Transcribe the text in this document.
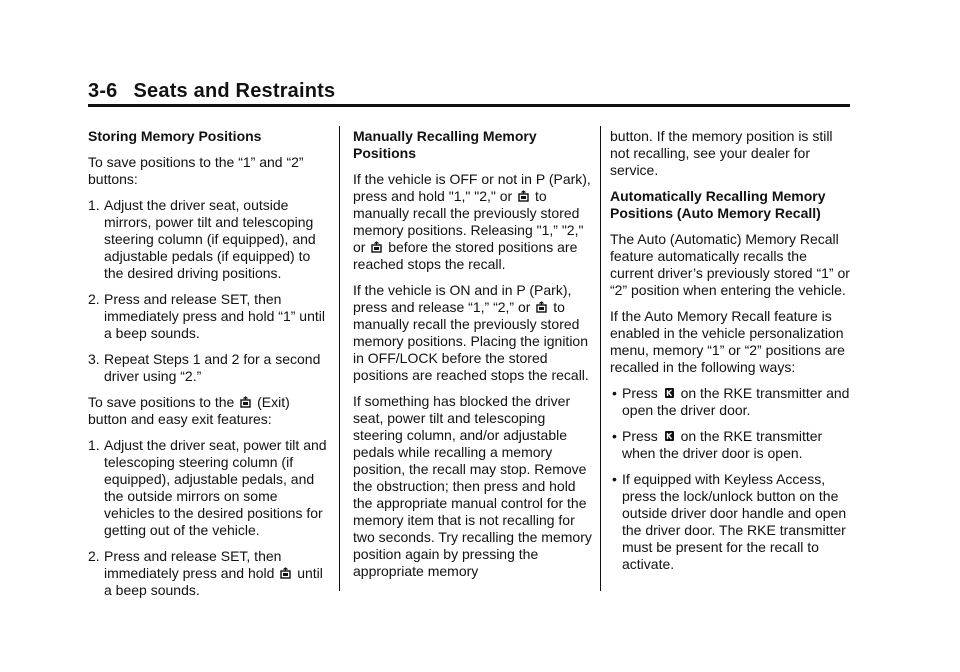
3-6 Seats and Restraints

Storing Memory Positions

To save positions to the “1” and “2” buttons:

1. Adjust the driver seat, outside mirrors, power tilt and telescoping steering column (if equipped), and adjustable pedals (if equipped) to the desired driving positions.

2. Press and release SET, then immediately press and hold “1” until a beep sounds.

3. Repeat Steps 1 and 2 for a second driver using “2.”

To save positions to the (Exit) button and easy exit features:

1. Adjust the driver seat, power tilt and telescoping steering column (if equipped), adjustable pedals, and the outside mirrors on some vehicles to the desired positions for getting out of the vehicle.

2. Press and release SET, then immediately press and hold until a beep sounds.

Manually Recalling Memory Positions

If the vehicle is OFF or not in P (Park), press and hold "1," "2," or to manually recall the previously stored memory positions. Releasing "1,” "2," or before the stored positions are reached stops the recall.

If the vehicle is ON and in P (Park), press and release “1,” “2,” or to manually recall the previously stored memory positions. Placing the ignition in OFF/LOCK before the stored positions are reached stops the recall.

If something has blocked the driver seat, power tilt and telescoping steering column, and/or adjustable pedals while recalling a memory position, the recall may stop. Remove the obstruction; then press and hold the appropriate manual control for the memory item that is not recalling for two seconds. Try recalling the memory position again by pressing the appropriate memory

button. If the memory position is still not recalling, see your dealer for service.

Automatically Recalling Memory Positions (Auto Memory Recall)

The Auto (Automatic) Memory Recall feature automatically recalls the current driver’s previously stored “1” or “2” position when entering the vehicle.

If the Auto Memory Recall feature is enabled in the vehicle personalization menu, memory “1” or “2” positions are recalled in the following ways:

• Press on the RKE transmitter and open the driver door.

• Press on the RKE transmitter when the driver door is open.

• If equipped with Keyless Access, press the lock/unlock button on the outside driver door handle and open the driver door. The RKE transmitter must be present for the recall to activate.
